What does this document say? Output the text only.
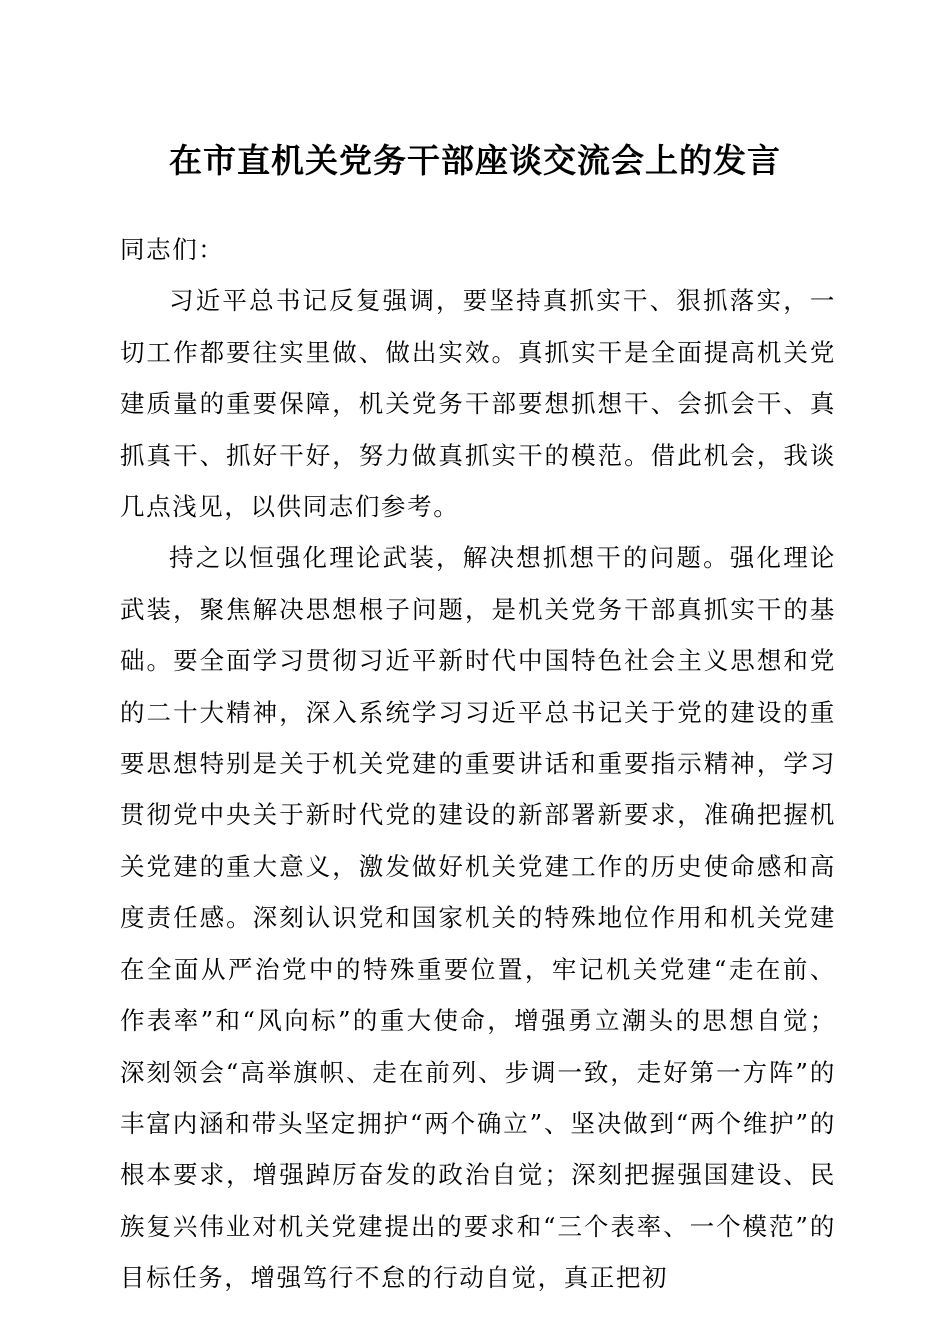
在市直机关党务干部座谈交流会上的发言

同志们：

习近平总书记反复强调，要坚持真抓实干、狠抓落实，一切工作都要往实里做、做出实效。真抓实干是全面提高机关党建质量的重要保障，机关党务干部要想抓想干、会抓会干、真抓真干、抓好干好，努力做真抓实干的模范。借此机会，我谈几点浅见，以供同志们参考。

持之以恒强化理论武装，解决想抓想干的问题。强化理论武装，聚焦解决思想根子问题，是机关党务干部真抓实干的基础。要全面学习贯彻习近平新时代中国特色社会主义思想和党的二十大精神，深入系统学习习近平总书记关于党的建设的重要思想特别是关于机关党建的重要讲话和重要指示精神，学习贯彻党中央关于新时代党的建设的新部署新要求，准确把握机关党建的重大意义，激发做好机关党建工作的历史使命感和高度责任感。深刻认识党和国家机关的特殊地位作用和机关党建在全面从严治党中的特殊重要位置，牢记机关党建“走在前、作表率”和“风向标”的重大使命，增强勇立潮头的思想自觉；深刻领会“高举旗帜、走在前列、步调一致，走好第一方阵”的丰富内涵和带头坚定拥护“两个确立”、坚决做到“两个维护”的根本要求，增强踔厉奋发的政治自觉；深刻把握强国建设、民族复兴伟业对机关党建提出的要求和“三个表率、一个模范”的目标任务，增强笃行不怠的行动自觉，真正把初
